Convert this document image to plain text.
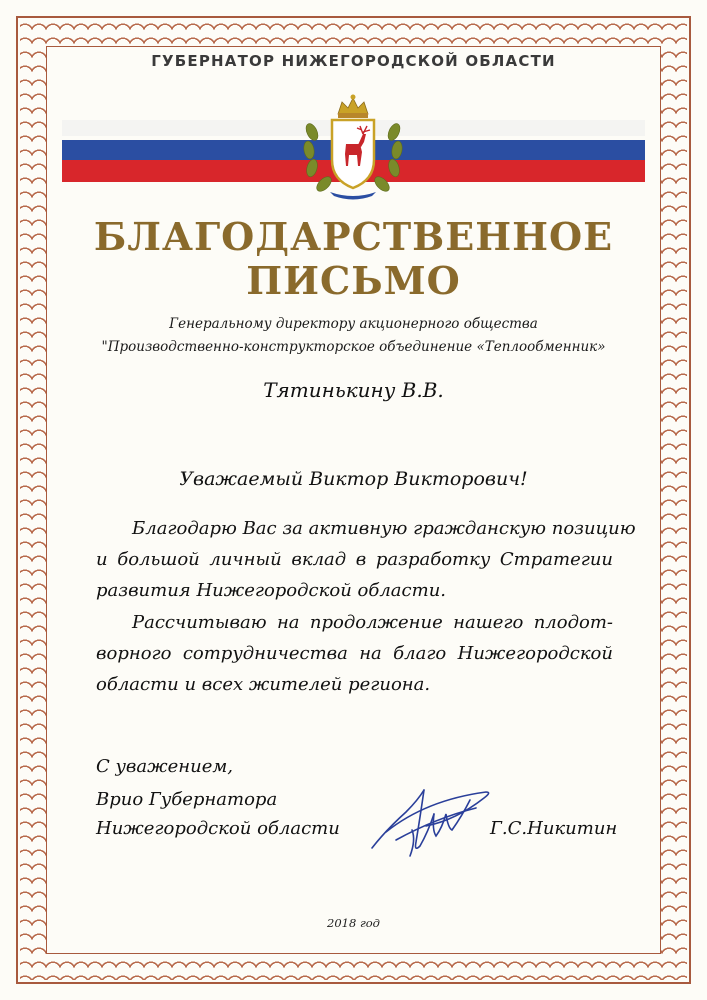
ГУБЕРНАТОР НИЖЕГОРОДСКОЙ ОБЛАСТИ
БЛАГОДАРСТВЕННОЕ
ПИСЬМО
Генеральному директору акционерного общества
"Производственно-конструкторское объединение «Теплообменник»
Тятинькину В.В.
Уважаемый Виктор Викторович!
Благодарю Вас за активную гражданскую позицию
и большой личный вклад в разработку Стратегии
развития Нижегородской области.
Рассчитываю на продолжение нашего плодот-
ворного сотрудничества на благо Нижегородской
области и всех жителей региона.
С уважением,
Врио Губернатора
Нижегородской области	Г.С.Никитин
2018 год
